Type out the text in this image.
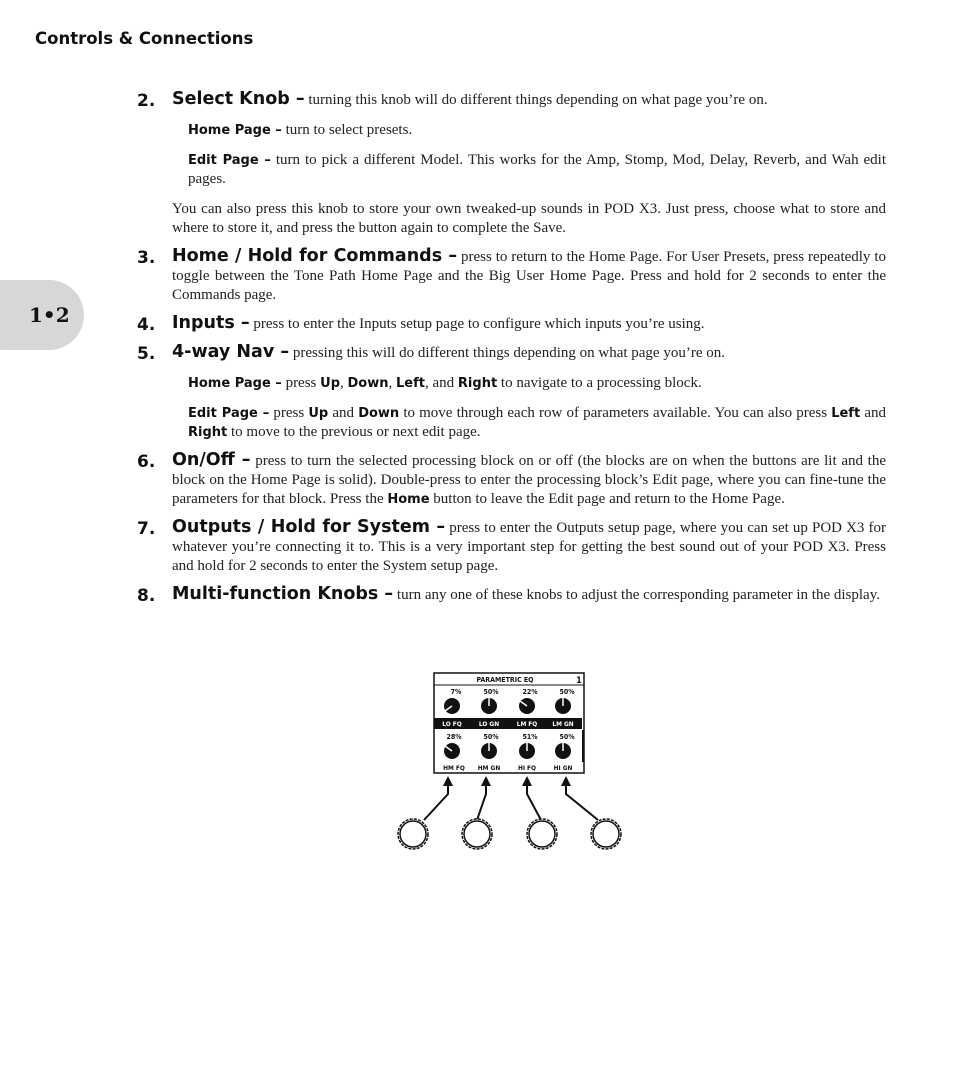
Controls & Connections
1•2
2. Select Knob – turning this knob will do different things depending on what page you’re on.
Home Page – turn to select presets.
Edit Page – turn to pick a different Model. This works for the Amp, Stomp, Mod, Delay, Reverb, and Wah edit pages.
You can also press this knob to store your own tweaked-up sounds in POD X3. Just press, choose what to store and where to store it, and press the button again to complete the Save.
3. Home / Hold for Commands – press to return to the Home Page. For User Presets, press repeatedly to toggle between the Tone Path Home Page and the Big User Home Page. Press and hold for 2 seconds to enter the Commands page.
4. Inputs – press to enter the Inputs setup page to configure which inputs you’re using.
5. 4-way Nav – pressing this will do different things depending on what page you’re on.
Home Page – press Up, Down, Left, and Right to navigate to a processing block.
Edit Page – press Up and Down to move through each row of parameters available. You can also press Left and Right to move to the previous or next edit page.
6. On/Off – press to turn the selected processing block on or off (the blocks are on when the buttons are lit and the block on the Home Page is solid). Double-press to enter the processing block’s Edit page, where you can fine-tune the parameters for that block. Press the Home button to leave the Edit page and return to the Home Page.
7. Outputs / Hold for System – press to enter the Outputs setup page, where you can set up POD X3 for whatever you’re connecting it to. This is a very important step for getting the best sound out of your POD X3. Press and hold for 2 seconds to enter the System setup page.
8. Multi-function Knobs – turn any one of these knobs to adjust the corresponding parameter in the display.
PARAMETRIC EQ	1
7%
LO FQ
50%
LO GN
22%
LM FQ
50%
LM GN
28%
HM FQ
50%
HM GN
51%
HI FQ
50%
HI GN
